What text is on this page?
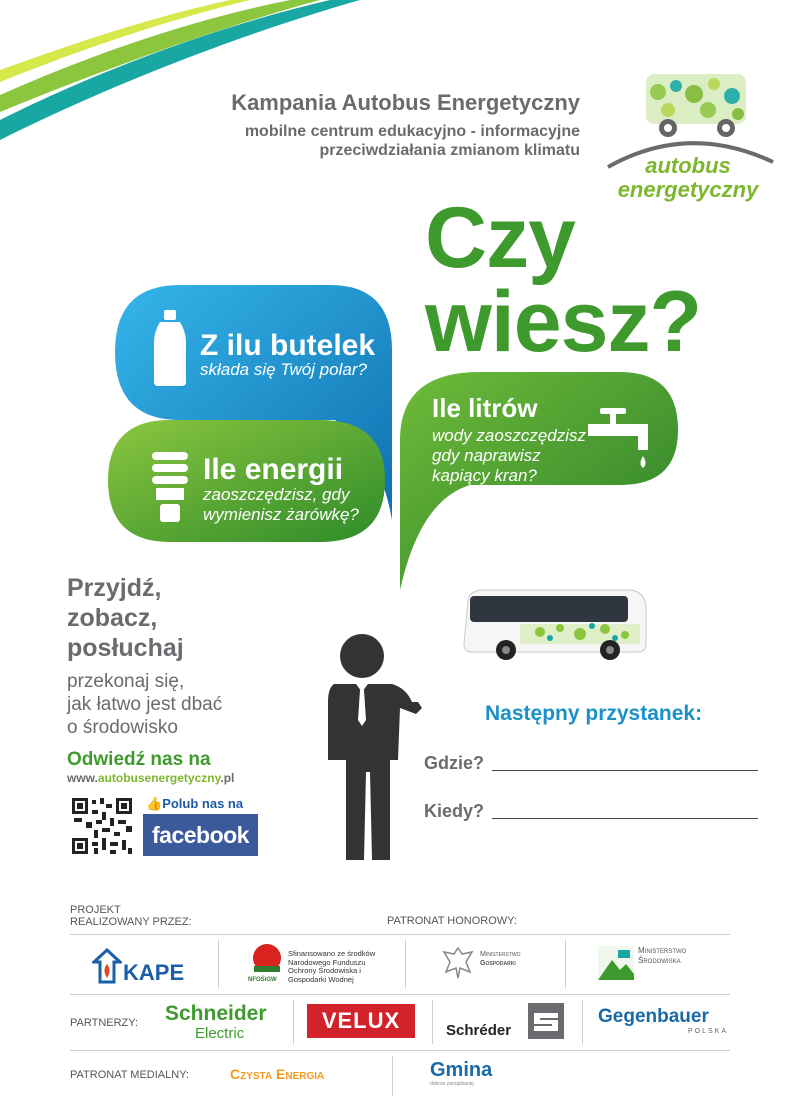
Kampania Autobus Energetyczny
mobilne centrum edukacyjno - informacyjne
przeciwdziałania zmianom klimatu
autobus
energetyczny
Czy
wiesz?
Z ilu butelek
składa się Twój polar?
Ile energii
zaoszczędzisz, gdy
wymienisz żarówkę?
Ile litrów
wody zaoszczędzisz
gdy naprawisz
kapiący kran?
Przyjdź,
zobacz,
posłuchaj
przekonaj się,
jak łatwo jest dbać
o środowisko
Odwiedź nas na
www.autobusenergetyczny.pl
👍Polub nas na
facebook
Następny przystanek:
Gdzie?
Kiedy?
PROJEKT
REALIZOWANY PRZEZ:	PATRONAT HONOROWY:
KAPE	NFOŚiGW
Sfinansowano ze środków Narodowego Funduszu Ochrony Środowiska i Gospodarki Wodnej
Ministerstwo
Gospodarki
Ministerstwo
Środowiska
PARTNERZY: Schneider
Electric
VELUX	Schréder
Gegenbauer
POLSKA
PATRONAT MEDIALNY:	Czysta Energia	Gmina
dobrze zarządzanej
